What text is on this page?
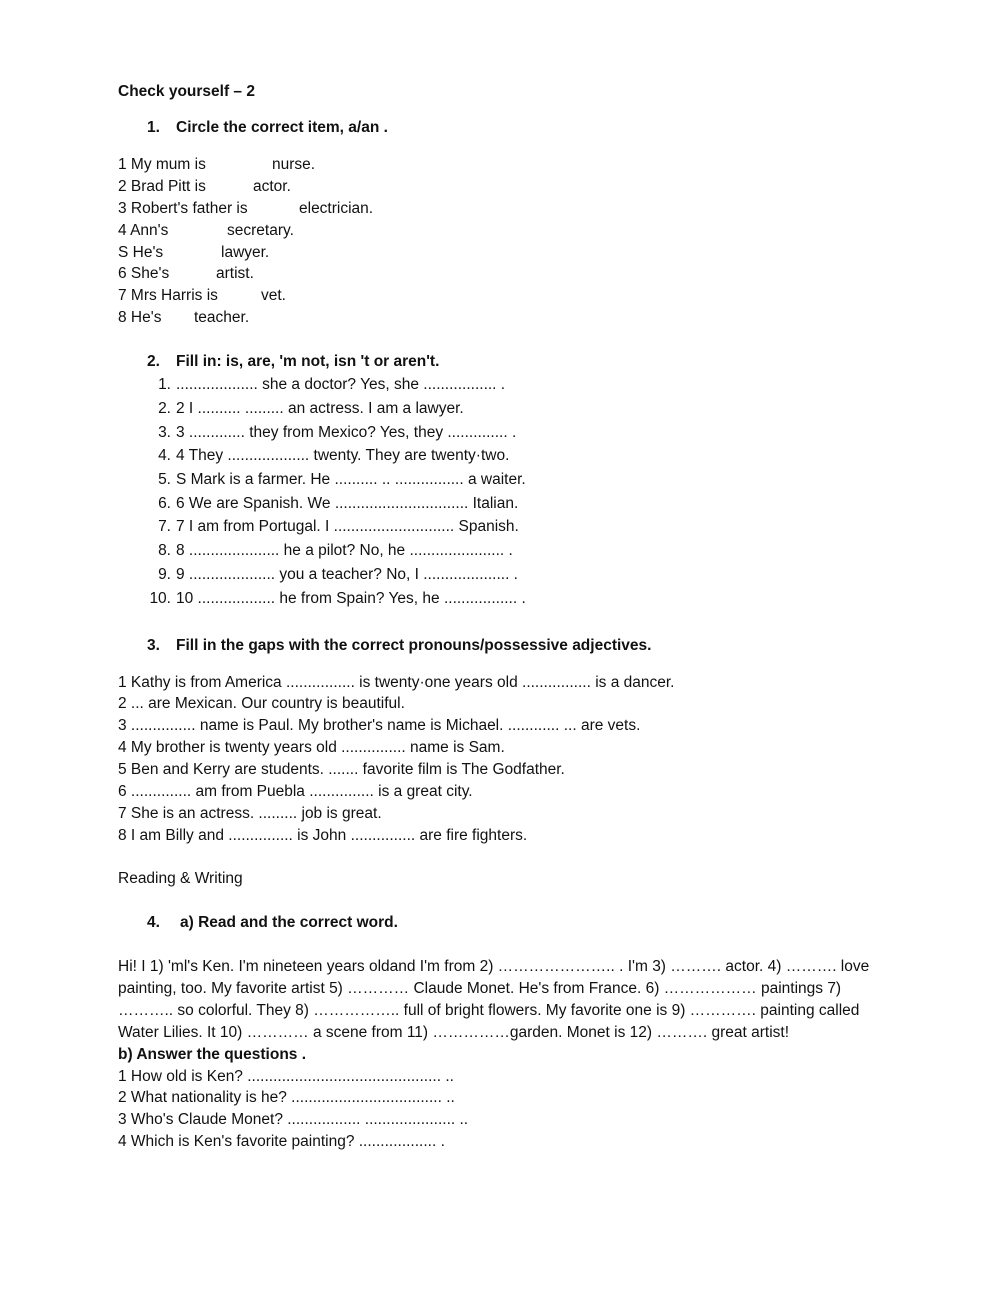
Check yourself – 2
1. Circle the correct item, a/an .
1 My mum is	nurse.
2 Brad Pitt is	actor.
3 Robert's father is	electrician.
4 Ann's	secretary.
S He's	lawyer.
6 She's	artist.
7 Mrs Harris is	vet.
8 He's teacher.
2. Fill in: is, are, 'm not, isn 't or aren't.
1. ................... she a doctor? Yes, she ................. .
2. 2 I .......... ......... an actress. I am a lawyer.
3. 3 ............. they from Mexico? Yes, they .............. .
4. 4 They ................... twenty. They are twenty·two.
5. S Mark is a farmer. He .......... .. ................ a waiter.
6. 6 We are Spanish. We ............................... Italian.
7. 7 I am from Portugal. I ............................ Spanish.
8. 8 ..................... he a pilot? No, he ...................... .
9. 9 .................... you a teacher? No, I .................... .
10. 10 .................. he from Spain? Yes, he ................. .
3. Fill in the gaps with the correct pronouns/possessive adjectives.
1 Kathy is from America ................ is twenty·one years old ................ is a dancer.
2 ... are Mexican. Our country is beautiful.
3 ............... name is Paul. My brother's name is Michael. ............ ... are vets.
4 My brother is twenty years old ............... name is Sam.
5 Ben and Kerry are students. ....... favorite film is The Godfather.
6 .............. am from Puebla ............... is a great city.
7 She is an actress. ......... job is great.
8 I am Billy and ............... is John ............... are fire fighters.
Reading & Writing
4. a) Read and the correct word.
Hi! I 1) 'ml's Ken. I'm nineteen years oldand I'm from 2) ………………….. . I'm 3) ………. actor. 4) ………. love
painting, too. My favorite artist 5) ………… Claude Monet. He's from France. 6) ……………… paintings 7)
……….. so colorful. They 8) …………….. full of bright flowers. My favorite one is 9) …………. painting called
Water Lilies. It 10) ………… a scene from 11) ……………garden. Monet is 12) ………. great artist!
b) Answer the questions .
1 How old is Ken? ............................................. ..
2 What nationality is he? ................................... ..
3 Who's Claude Monet? ................. ..................... ..
4 Which is Ken's favorite painting? .................. .
